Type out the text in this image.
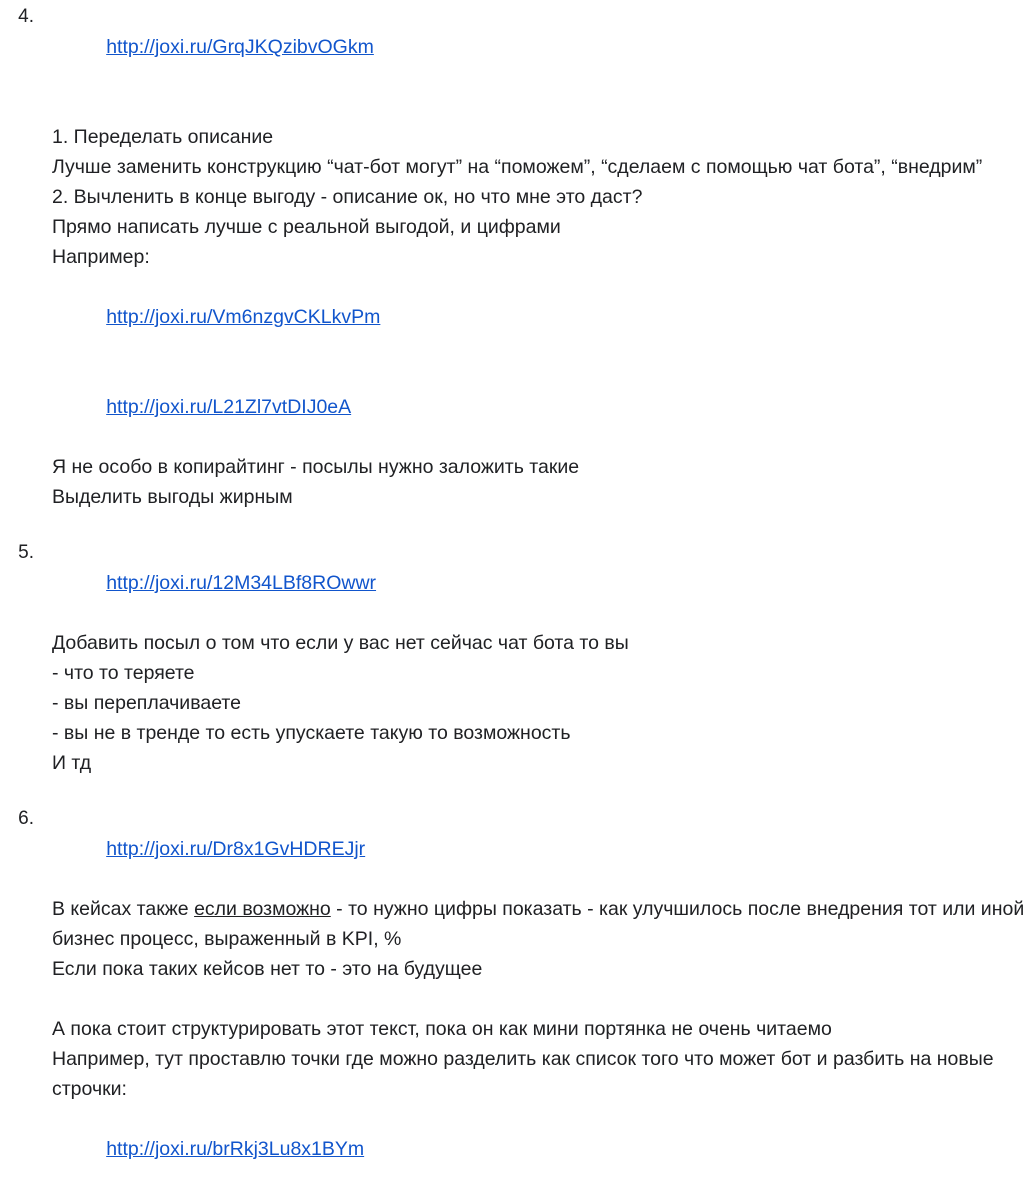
4.

http://joxi.ru/GrqJKQzibvOGkm

1. Переделать описание
Лучше заменить конструкцию “чат-бот могут” на “поможем”, “сделаем с помощью чат бота”, “внедрим”
2. Вычленить в конце выгоду - описание ок, но что мне это даст?
Прямо написать лучше с реальной выгодой, и цифрами
Например:

http://joxi.ru/Vm6nzgvCKLkvPm

http://joxi.ru/L21Zl7vtDIJ0eA

Я не особо в копирайтинг - посылы нужно заложить такие
Выделить выгоды жирным
5.

http://joxi.ru/12M34LBf8ROwwr

Добавить посыл о том что если у вас нет сейчас чат бота то вы
- что то теряете
- вы переплачиваете
- вы не в тренде то есть упускаете такую то возможность
И тд
6.

http://joxi.ru/Dr8x1GvHDREJjr

В кейсах также если возможно - то нужно цифры показать - как улучшилось после внедрения тот или иной бизнес процесс, выраженный в KPI, %
Если пока таких кейсов нет то - это на будущее
А пока стоит структурировать этот текст, пока он как мини портянка не очень читаемо
Например, тут проставлю точки где можно разделить как список того что может бот и разбить на новые строчки:

http://joxi.ru/brRkj3Lu8x1BYm
